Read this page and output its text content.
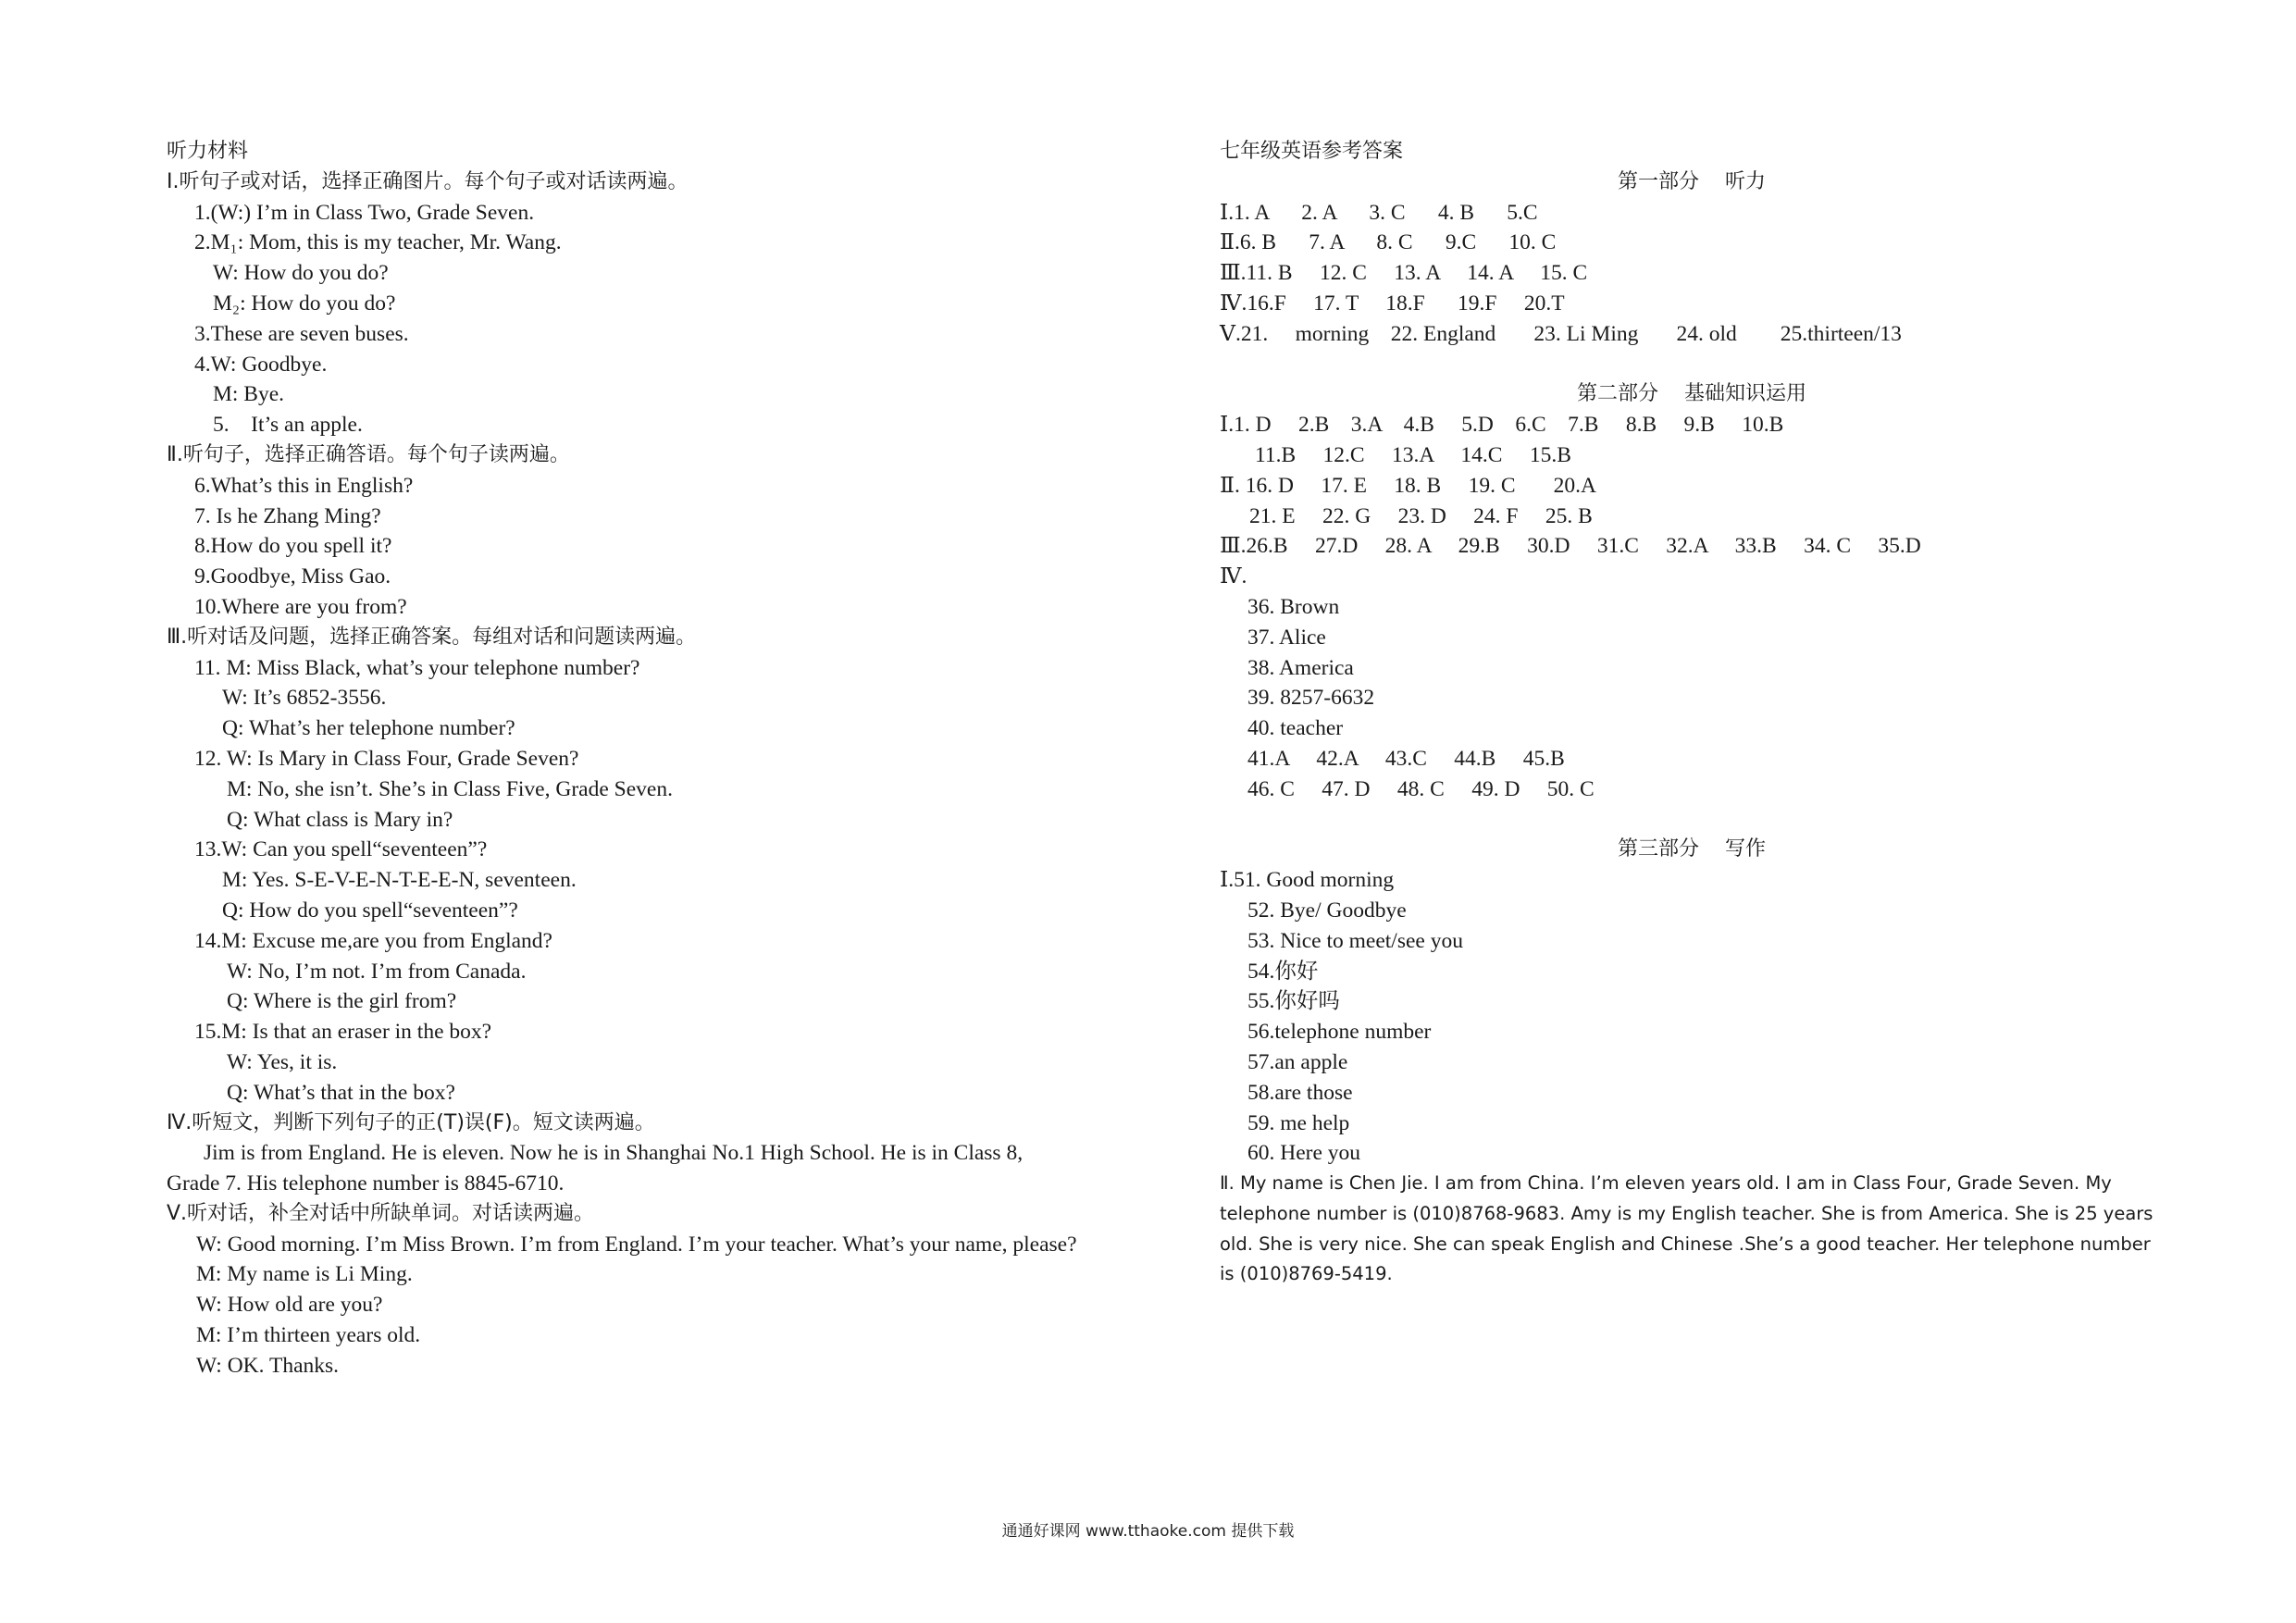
听力材料
Ⅰ.听句子或对话，选择正确图片。每个句子或对话读两遍。
1.(W:) I’m in Class Two, Grade Seven.
2.M₁: Mom, this is my teacher, Mr. Wang.
W: How do you do?
M₂: How do you do?
3.These are seven buses.
4.W: Goodbye.
M: Bye.
5.    It’s an apple.
Ⅱ.听句子，选择正确答语。每个句子读两遍。
6.What’s this in English?
7. Is he Zhang Ming?
8.How do you spell it?
9.Goodbye, Miss Gao.
10.Where are you from?
Ⅲ.听对话及问题，选择正确答案。每组对话和问题读两遍。
11. M: Miss Black, what’s your telephone number?
W: It’s 6852-3556.
Q: What’s her telephone number?
12. W: Is Mary in Class Four, Grade Seven?
M: No, she isn’t. She’s in Class Five, Grade Seven.
Q: What class is Mary in?
13.W: Can you spell“seventeen”?
M: Yes. S-E-V-E-N-T-E-E-N, seventeen.
Q: How do you spell“seventeen”?
14.M: Excuse me,are you from England?
W: No, I’m not. I’m from Canada.
Q: Where is the girl from?
15.M: Is that an eraser in the box?
W: Yes, it is.
Q: What’s that in the box?
Ⅳ.听短文，判断下列句子的正(T)误(F)。短文读两遍。
Jim is from England. He is eleven. Now he is in Shanghai No.1 High School. He is in Class 8,
Grade 7. His telephone number is 8845-6710.
Ⅴ.听对话，补全对话中所缺单词。对话读两遍。
W: Good morning. I’m Miss Brown. I’m from England. I’m your teacher. What’s your name, please?
M: My name is Li Ming.
W: How old are you?
M: I’m thirteen years old.
W: OK. Thanks.
七年级英语参考答案
第一部分    听力
Ⅰ.1. A      2. A      3. C      4. B      5.C
Ⅱ.6. B      7. A      8. C      9.C      10. C
Ⅲ.11. B     12. C     13. A     14. A     15. C
Ⅳ.16.F     17. T     18.F      19.F     20.T
Ⅴ.21.     morning    22. England       23. Li Ming       24. old        25.thirteen/13
第二部分    基础知识运用
Ⅰ.1. D     2.B    3.A    4.B     5.D    6.C    7.B     8.B     9.B     10.B
11.B     12.C     13.A     14.C     15.B
Ⅱ. 16. D     17. E     18. B     19. C       20.A
21. E     22. G     23. D     24. F     25. B
Ⅲ.26.B     27.D     28. A     29.B     30.D     31.C     32.A     33.B     34. C     35.D
Ⅳ.
36. Brown
37. Alice
38. America
39. 8257-6632
40. teacher
41.A     42.A     43.C     44.B     45.B
46. C     47. D     48. C     49. D     50. C
第三部分    写作
Ⅰ.51. Good morning
52. Bye/ Goodbye
53. Nice to meet/see you
54.你好
55.你好吗
56.telephone number
57.an apple
58.are those
59. me help
60. Here you
Ⅱ. My name is Chen Jie. I am from China. I’m eleven years old. I am in Class Four, Grade Seven. My telephone number is (010)8768-9683. Amy is my English teacher. She is from America. She is 25 years old. She is very nice. She can speak English and Chinese .She’s a good teacher. Her telephone number is (010)8769-5419.
通通好课网 www.tthaoke.com 提供下载
